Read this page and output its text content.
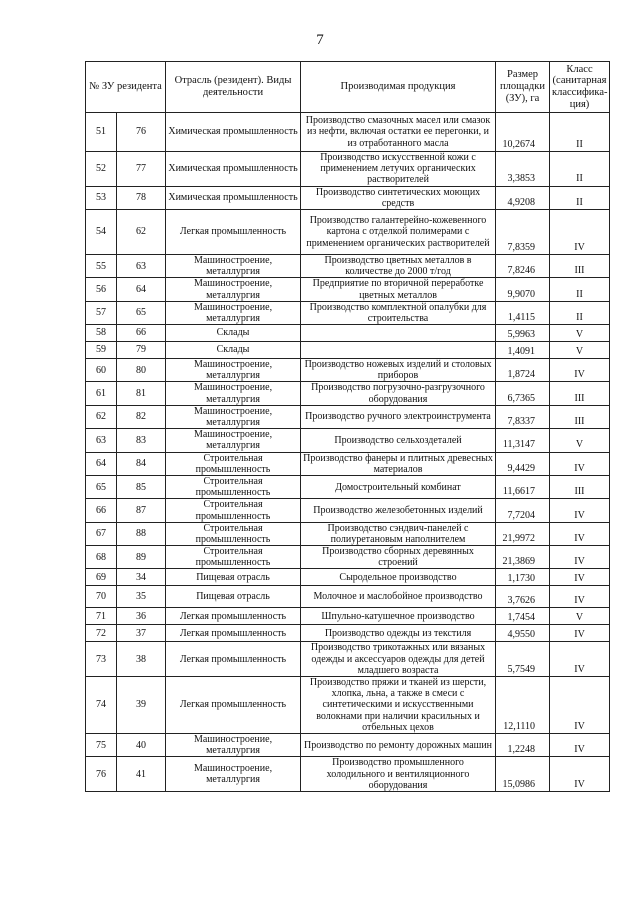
7
№ ЗУ резидента		Отрасль (резидент). Виды деятельности	Производимая продукция	Размер площадки (ЗУ), га	Класс (санитарная классифика-ция)
51	76	Химическая промышленность	Производство смазочных масел или смазок из нефти, включая остатки ее перегонки, и из отработанного масла	10,2674	II
52	77	Химическая промышленность	Производство искусственной кожи с применением летучих органических растворителей	3,3853	II
53	78	Химическая промышленность	Производство синтетических моющих средств	4,9208	II
54	62	Легкая промышленность	Производство галантерейно-кожевенного картона с отделкой полимерами с применением органических растворителей	7,8359	IV
55	63	Машиностроение, металлургия	Производство цветных металлов в количестве до 2000 т/год	7,8246	III
56	64	Машиностроение, металлургия	Предприятие по вторичной переработке цветных металлов	9,9070	II
57	65	Машиностроение, металлургия	Производство комплектной опалубки для строительства	1,4115	II
58	66	Склады		5,9963	V
59	79	Склады		1,4091	V
60	80	Машиностроение, металлургия	Производство ножевых изделий и столовых приборов	1,8724	IV
61	81	Машиностроение, металлургия	Производство погрузочно-разгрузочного оборудования	6,7365	III
62	82	Машиностроение, металлургия	Производство ручного электроинструмента	7,8337	III
63	83	Машиностроение, металлургия	Производство сельхоздеталей	11,3147	V
64	84	Строительная промышленность	Производство фанеры и плитных древесных материалов	9,4429	IV
65	85	Строительная промышленность	Домостроительный комбинат	11,6617	III
66	87	Строительная промышленность	Производство железобетонных изделий	7,7204	IV
67	88	Строительная промышленность	Производство сэндвич-панелей с полиуретановым наполнителем	21,9972	IV
68	89	Строительная промышленность	Производство сборных деревянных строений	21,3869	IV
69	34	Пищевая отрасль	Сыродельное производство	1,1730	IV
70	35	Пищевая отрасль	Молочное и маслобойное производство	3,7626	IV
71	36	Легкая промышленность	Шпульно-катушечное производство	1,7454	V
72	37	Легкая промышленность	Производство одежды из текстиля	4,9550	IV
73	38	Легкая промышленность	Производство трикотажных или вязаных одежды и аксессуаров одежды для детей младшего возраста	5,7549	IV
74	39	Легкая промышленность	Производство пряжи и тканей из шерсти, хлопка, льна, а также в смеси с синтетическими и искусственными волокнами при наличии красильных и отбельных цехов	12,1110	IV
75	40	Машиностроение, металлургия	Производство по ремонту дорожных машин	1,2248	IV
76	41	Машиностроение, металлургия	Производство промышленного холодильного и вентиляционного оборудования	15,0986	IV
